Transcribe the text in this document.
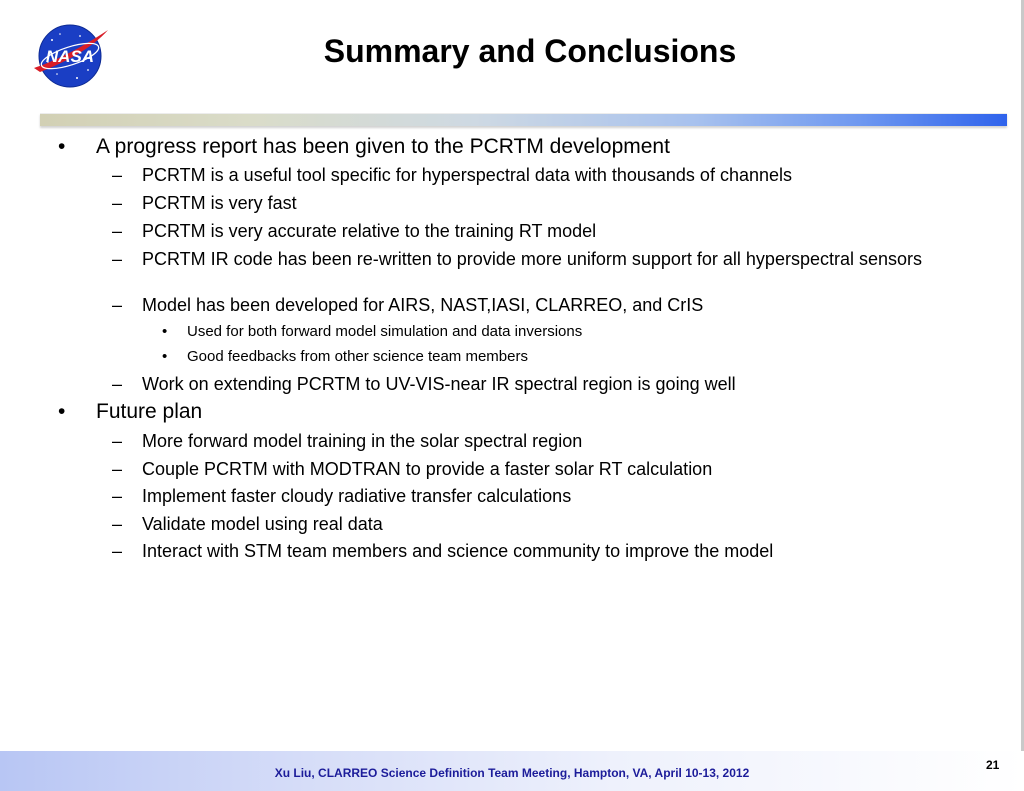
NASA	Summary and Conclusions
•	A progress report has been given to the PCRTM development
– PCRTM is a useful tool specific for hyperspectral data with thousands of channels
– PCRTM is very fast
– PCRTM is very accurate relative to the training RT model
– PCRTM IR code has been re-written to provide more uniform support for all hyperspectral sensors
– Model has been developed for AIRS, NAST,IASI, CLARREO, and CrIS
• Used for both forward model simulation and data inversions
• Good feedbacks from other science team members
– Work on extending PCRTM to UV-VIS-near IR spectral region is going well
•	Future plan
– More forward model training in the solar spectral region
– Couple PCRTM with MODTRAN to provide a faster solar RT calculation
– Implement faster cloudy radiative transfer calculations
– Validate model using real data
– Interact with STM team members and science community to improve the model
Xu Liu, CLARREO Science Definition Team Meeting, Hampton, VA, April 10-13, 2012
21
